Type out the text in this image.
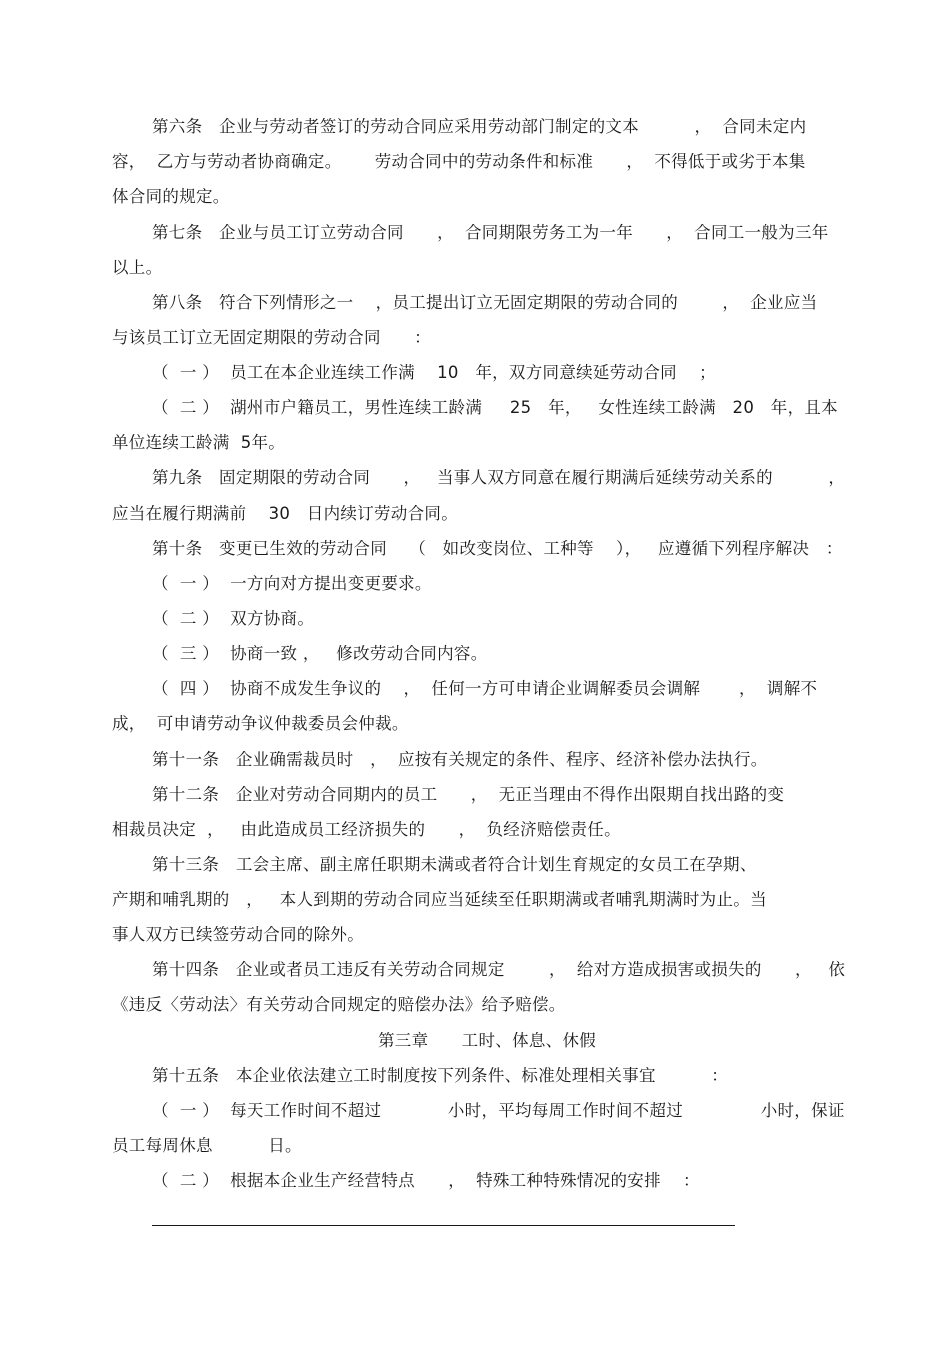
第六条   企业与劳动者签订的劳动合同应采用劳动部门制定的文本          ，  合同未定内
容，  乙方与劳动者协商确定。      劳动合同中的劳动条件和标准      ，  不得低于或劣于本集
体合同的规定。
第七条   企业与员工订立劳动合同      ，  合同期限劳务工为一年      ，  合同工一般为三年
以上。
第八条   符合下列情形之一    ，员工提出订立无固定期限的劳动合同的        ，  企业应当
与该员工订立无固定期限的劳动合同      ：
（  一 ）  员工在本企业连续工作满    10   年，双方同意续延劳动合同    ；
（  二 ）  湖州市户籍员工，男性连续工龄满     25   年，   女性连续工龄满   20   年，且本
单位连续工龄满  5年。
第九条   固定期限的劳动合同      ，   当事人双方同意在履行期满后延续劳动关系的          ，
应当在履行期满前    30   日内续订劳动合同。
第十条   变更已生效的劳动合同    （   如改变岗位、工种等    ），   应遵循下列程序解决   ：
（  一 ）  一方向对方提出变更要求。
（  二 ）  双方协商。
（  三 ）  协商一致 ，   修改劳动合同内容。
（  四 ）  协商不成发生争议的    ，  任何一方可申请企业调解委员会调解       ，  调解不
成，  可申请劳动争议仲裁委员会仲裁。
第十一条   企业确需裁员时   ，  应按有关规定的条件、程序、经济补偿办法执行。
第十二条   企业对劳动合同期内的员工      ，  无正当理由不得作出限期自找出路的变
相裁员决定  ，   由此造成员工经济损失的      ，  负经济赔偿责任。
第十三条   工会主席、副主席任职期未满或者符合计划生育规定的女员工在孕期、
产期和哺乳期的   ，   本人到期的劳动合同应当延续至任职期满或者哺乳期满时为止。当
事人双方已续签劳动合同的除外。
第十四条   企业或者员工违反有关劳动合同规定        ，  给对方造成损害或损失的      ，   依
《违反〈劳动法〉有关劳动合同规定的赔偿办法》给予赔偿。
第三章      工时、体息、休假
第十五条   本企业依法建立工时制度按下列条件、标准处理相关事宜          ：
（  一 ）  每天工作时间不超过            小时，平均每周工作时间不超过              小时，保证
员工每周休息          日。
（  二 ）  根据本企业生产经营特点      ，  特殊工种特殊情况的安排    ：
